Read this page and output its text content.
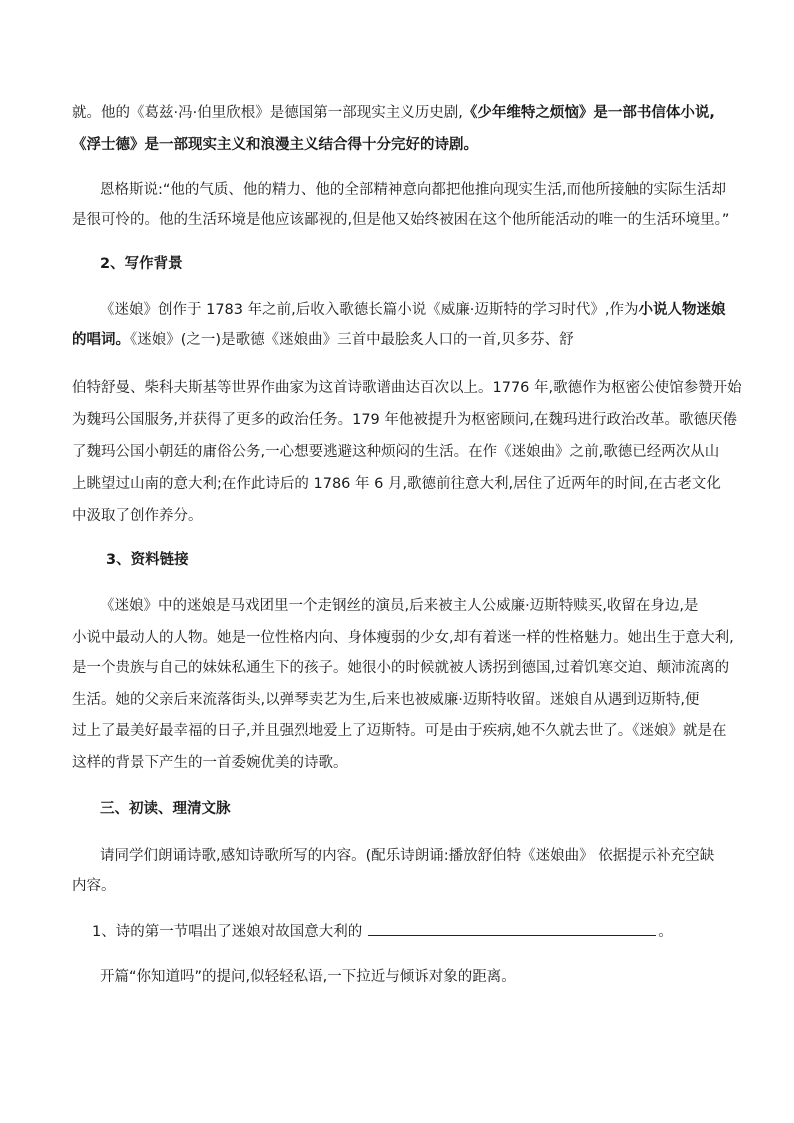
就。他的《葛兹·冯·伯里欣根》是德国第一部现实主义历史剧,《少年维特之烦恼》是一部书信体小说,
《浮士德》是一部现实主义和浪漫主义结合得十分完好的诗剧。
恩格斯说:“他的气质、他的精力、他的全部精神意向都把他推向现实生活,而他所接触的实际生活却
是很可怜的。他的生活环境是他应该鄙视的,但是他又始终被困在这个他所能活动的唯一的生活环境里。”
2、写作背景
《迷娘》创作于 1783 年之前,后收入歌德长篇小说《威廉·迈斯特的学习时代》,作为小说人物迷娘
的唱词。《迷娘》(之一)是歌德《迷娘曲》三首中最脍炙人口的一首,贝多芬、舒
伯特舒曼、柴科夫斯基等世界作曲家为这首诗歌谱曲达百次以上。1776 年,歌德作为枢密公使馆参赞开始
为魏玛公国服务,并获得了更多的政治任务。179 年他被提升为枢密顾问,在魏玛进行政治改革。歌德厌倦
了魏玛公国小朝廷的庸俗公务,一心想要逃避这种烦闷的生活。在作《迷娘曲》之前,歌德已经两次从山
上眺望过山南的意大利;在作此诗后的 1786 年 6 月,歌德前往意大利,居住了近两年的时间,在古老文化
中汲取了创作养分。
3、资料链接
《迷娘》中的迷娘是马戏团里一个走钢丝的演员,后来被主人公威廉·迈斯特赎买,收留在身边,是
小说中最动人的人物。她是一位性格内向、身体瘦弱的少女,却有着迷一样的性格魅力。她出生于意大利,
是一个贵族与自己的妹妹私通生下的孩子。她很小的时候就被人诱拐到德国,过着饥寒交迫、颠沛流离的
生活。她的父亲后来流落街头,以弹琴卖艺为生,后来也被威廉·迈斯特收留。迷娘自从遇到迈斯特,便
过上了最美好最幸福的日子,并且强烈地爱上了迈斯特。可是由于疾病,她不久就去世了。《迷娘》就是在
这样的背景下产生的一首委婉优美的诗歌。
三、初读、理清文脉
请同学们朗诵诗歌,感知诗歌所写的内容。(配乐诗朗诵:播放舒伯特《迷娘曲》 依据提示补充空缺
内容。
1、诗的第一节唱出了迷娘对故国意大利的	。
开篇“你知道吗”的提问,似轻轻私语,一下拉近与倾诉对象的距离。
